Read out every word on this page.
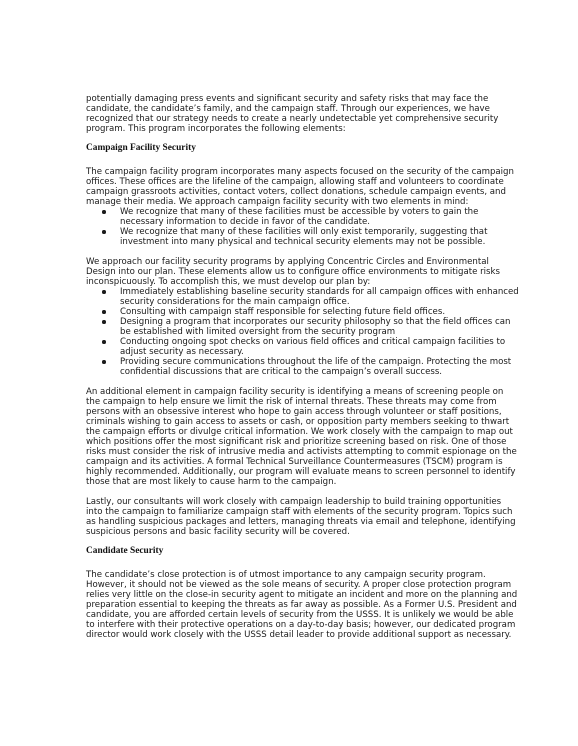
potentially damaging press events and significant security and safety risks that may face the candidate, the candidate’s family, and the campaign staff. Through our experiences, we have recognized that our strategy needs to create a nearly undetectable yet comprehensive security program. This program incorporates the following elements:

Campaign Facility Security

The campaign facility program incorporates many aspects focused on the security of the campaign offices. These offices are the lifeline of the campaign, allowing staff and volunteers to coordinate campaign grassroots activities, contact voters, collect donations, schedule campaign events, and manage their media. We approach campaign facility security with two elements in mind:

We recognize that many of these facilities must be accessible by voters to gain the necessary information to decide in favor of the candidate.
We recognize that many of these facilities will only exist temporarily, suggesting that investment into many physical and technical security elements may not be possible.

We approach our facility security programs by applying Concentric Circles and Environmental Design into our plan. These elements allow us to configure office environments to mitigate risks inconspicuously. To accomplish this, we must develop our plan by:

Immediately establishing baseline security standards for all campaign offices with enhanced security considerations for the main campaign office.
Consulting with campaign staff responsible for selecting future field offices.
Designing a program that incorporates our security philosophy so that the field offices can be established with limited oversight from the security program
Conducting ongoing spot checks on various field offices and critical campaign facilities to adjust security as necessary.
Providing secure communications throughout the life of the campaign. Protecting the most confidential discussions that are critical to the campaign’s overall success.

An additional element in campaign facility security is identifying a means of screening people on the campaign to help ensure we limit the risk of internal threats. These threats may come from persons with an obsessive interest who hope to gain access through volunteer or staff positions, criminals wishing to gain access to assets or cash, or opposition party members seeking to thwart the campaign efforts or divulge critical information. We work closely with the campaign to map out which positions offer the most significant risk and prioritize screening based on risk. One of those risks must consider the risk of intrusive media and activists attempting to commit espionage on the campaign and its activities. A formal Technical Surveillance Countermeasures (TSCM) program is highly recommended. Additionally, our program will evaluate means to screen personnel to identify those that are most likely to cause harm to the campaign.

Lastly, our consultants will work closely with campaign leadership to build training opportunities into the campaign to familiarize campaign staff with elements of the security program. Topics such as handling suspicious packages and letters, managing threats via email and telephone, identifying suspicious persons and basic facility security will be covered.

Candidate Security

The candidate’s close protection is of utmost importance to any campaign security program. However, it should not be viewed as the sole means of security. A proper close protection program relies very little on the close-in security agent to mitigate an incident and more on the planning and preparation essential to keeping the threats as far away as possible. As a Former U.S. President and candidate, you are afforded certain levels of security from the USSS. It is unlikely we would be able to interfere with their protective operations on a day-to-day basis; however, our dedicated program director would work closely with the USSS detail leader to provide additional support as necessary.
